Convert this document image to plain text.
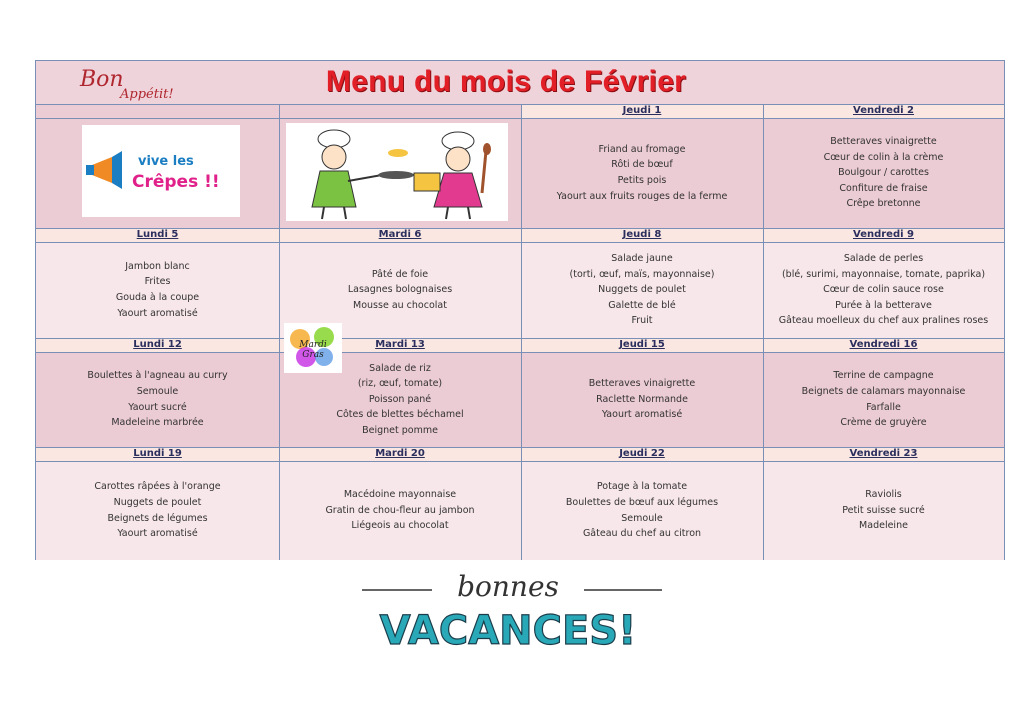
Menu du mois de Février
Bon
Appétit!
Jeudi 1
Friand au fromage
Rôti de bœuf
Petits pois
Yaourt aux fruits rouges de la ferme
Vendredi 2
Betteraves vinaigrette
Cœur de colin à la crème
Boulgour / carottes
Confiture de fraise
Crêpe bretonne
Lundi 5
Jambon blanc
Frites
Gouda à la coupe
Yaourt aromatisé
Mardi 6
Pâté de foie
Lasagnes bolognaises
Mousse au chocolat
Jeudi 8
Salade jaune
(torti, œuf, maïs, mayonnaise)
Nuggets de poulet
Galette de blé
Fruit
Vendredi 9
Salade de perles
(blé, surimi, mayonnaise, tomate, paprika)
Cœur de colin sauce rose
Purée à la betterave
Gâteau moelleux du chef aux pralines roses
Lundi 12
Boulettes à l'agneau au curry
Semoule
Yaourt sucré
Madeleine marbrée
Mardi 13
Salade de riz
(riz, œuf, tomate)
Poisson pané
Côtes de blettes béchamel
Beignet pomme
Jeudi 15
Betteraves vinaigrette
Raclette Normande
Yaourt aromatisé
Vendredi 16
Terrine de campagne
Beignets de calamars mayonnaise
Farfalle
Crème de gruyère
Lundi 19
Carottes râpées à l'orange
Nuggets de poulet
Beignets de légumes
Yaourt aromatisé
Mardi 20
Macédoine mayonnaise
Gratin de chou-fleur au jambon
Liégeois au chocolat
Jeudi 22
Potage à la tomate
Boulettes de bœuf aux légumes
Semoule
Gâteau du chef au citron
Vendredi 23
Raviolis
Petit suisse sucré
Madeleine
vive les
Crêpes !!
Mardi
Gras
bonnes
VACANCES!
